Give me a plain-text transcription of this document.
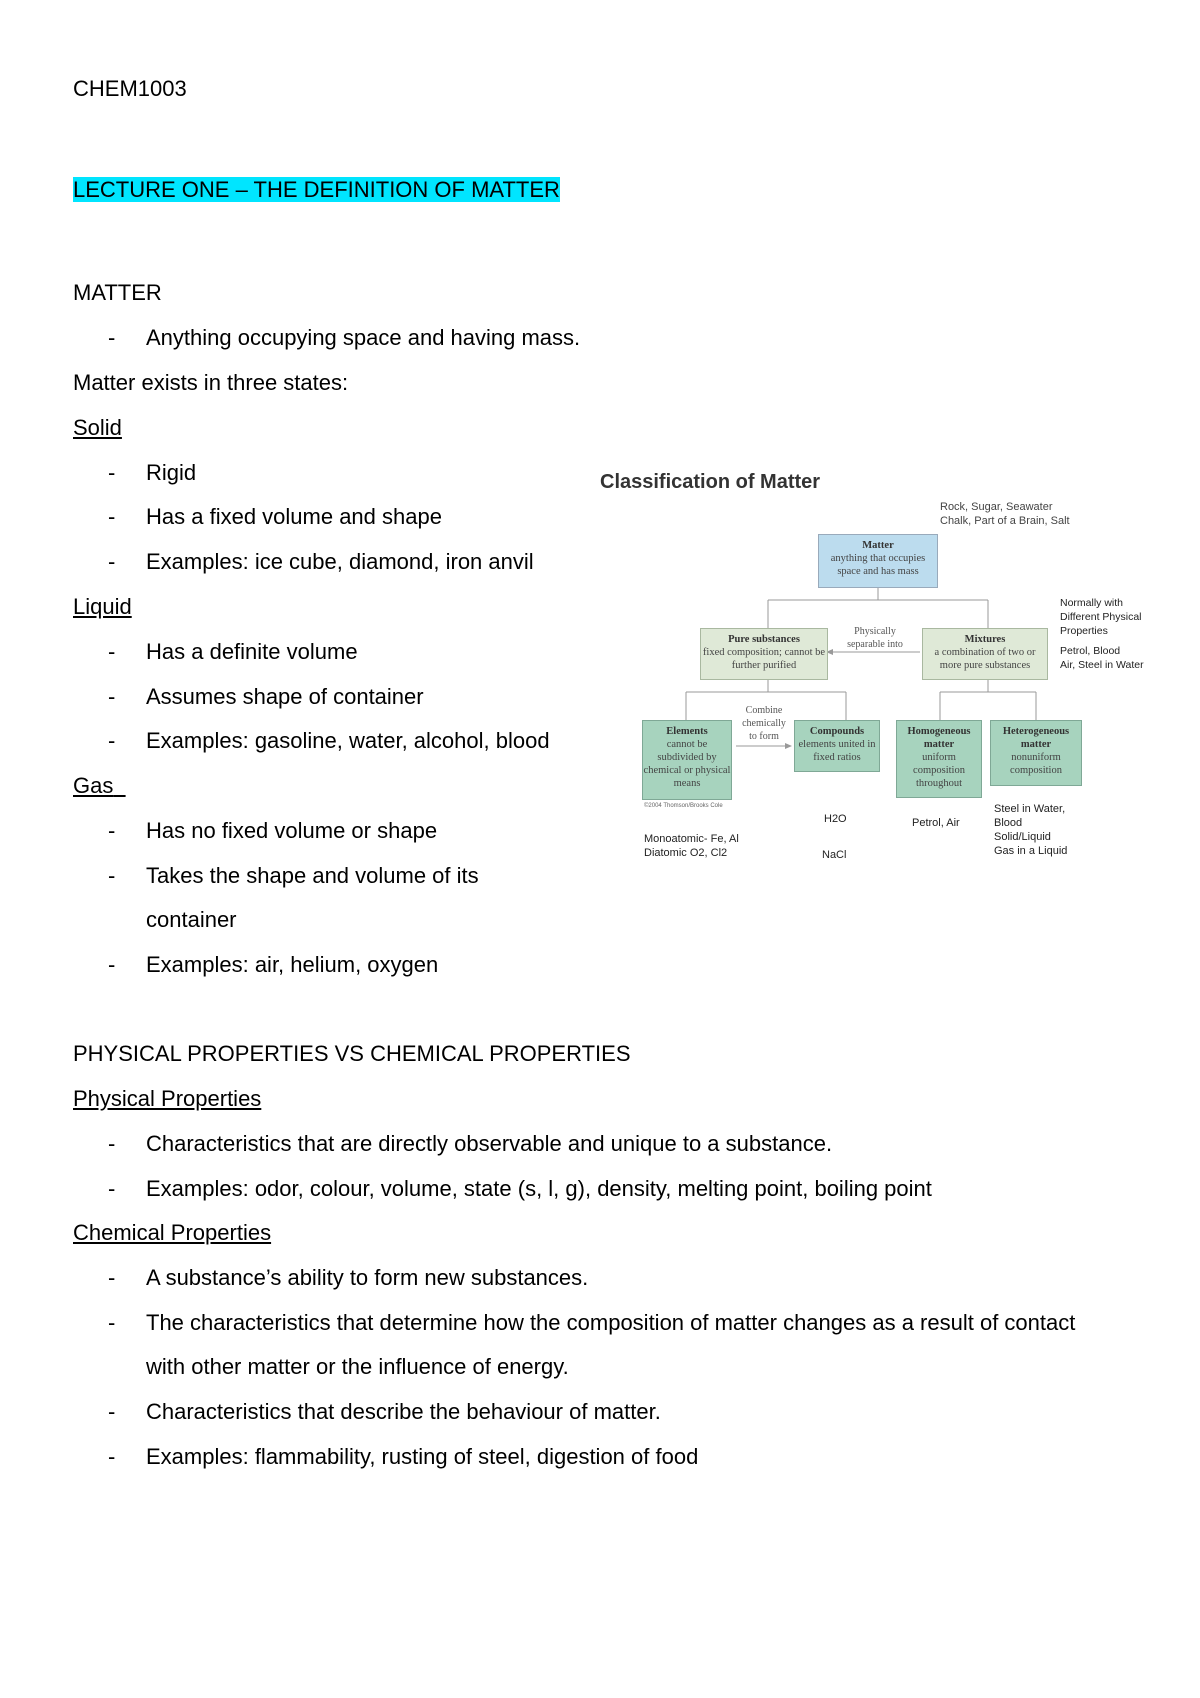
CHEM1003
LECTURE ONE – THE DEFINITION OF MATTER
MATTER
- Anything occupying space and having mass.
Matter exists in three states:
Solid
- Rigid
- Has a fixed volume and shape
- Examples: ice cube, diamond, iron anvil
Liquid
- Has a definite volume
- Assumes shape of container
- Examples: gasoline, water, alcohol, blood
Gas
- Has no fixed volume or shape
- Takes the shape and volume of its
container
- Examples: air, helium, oxygen
Classification of Matter
Rock, Sugar, Seawater
Chalk, Part of a Brain, Salt
Matter
anything that occupies space and has mass
Pure substances
fixed composition; cannot be further purified
Physically
separable into	Mixtures
a combination of two or more pure substances
Normally with
Different Physical
Properties
Petrol, Blood
Air, Steel in Water
Elements
cannot be subdivided by chemical or physical means
Combine
chemically
to form	Compounds
elements united in fixed ratios
Homogeneous matter
uniform composition throughout
Heterogeneous matter
nonuniform composition
©2004 Thomson/Brooks Cole
H2O
NaCl
Monoatomic- Fe, Al
Diatomic O2, Cl2
Petrol, Air
Steel in Water,
Blood
Solid/Liquid
Gas in a Liquid
PHYSICAL PROPERTIES VS CHEMICAL PROPERTIES
Physical Properties
- Characteristics that are directly observable and unique to a substance.
- Examples: odor, colour, volume, state (s, l, g), density, melting point, boiling point
Chemical Properties
- A substance’s ability to form new substances.
- The characteristics that determine how the composition of matter changes as a result of contact
with other matter or the influence of energy.
- Characteristics that describe the behaviour of matter.
- Examples: flammability, rusting of steel, digestion of food
